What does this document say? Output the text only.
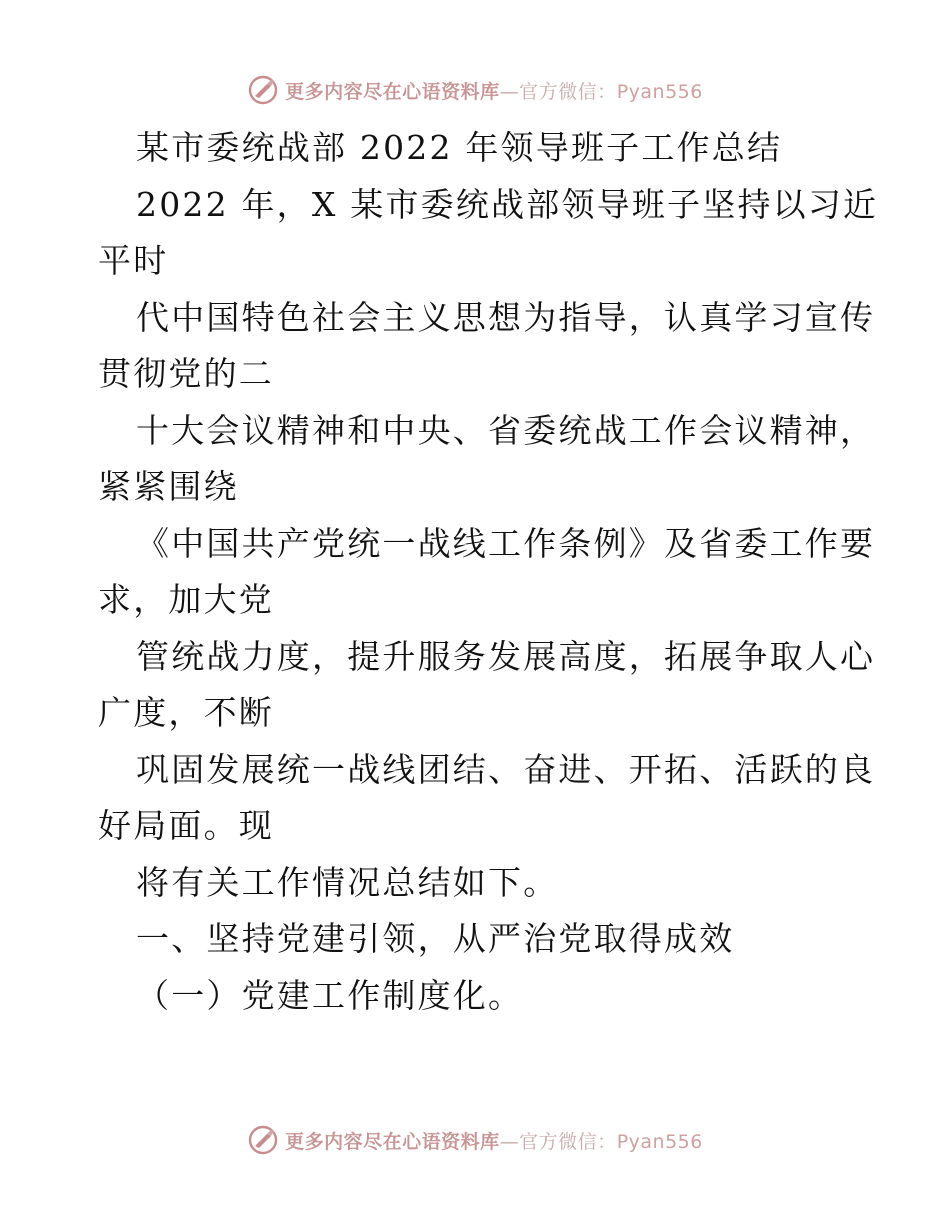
更多内容尽在心语资料库—官方微信：Pyan556
某市委统战部 2022 年领导班子工作总结
2022 年，X 某市委统战部领导班子坚持以习近
平时
代中国特色社会主义思想为指导，认真学习宣传
贯彻党的二
十大会议精神和中央、省委统战工作会议精神，
紧紧围绕
《中国共产党统一战线工作条例》及省委工作要
求，加大党
管统战力度，提升服务发展高度，拓展争取人心
广度，不断
巩固发展统一战线团结、奋进、开拓、活跃的良
好局面。现
将有关工作情况总结如下。
一、坚持党建引领，从严治党取得成效
（一）党建工作制度化。
更多内容尽在心语资料库—官方微信：Pyan556
